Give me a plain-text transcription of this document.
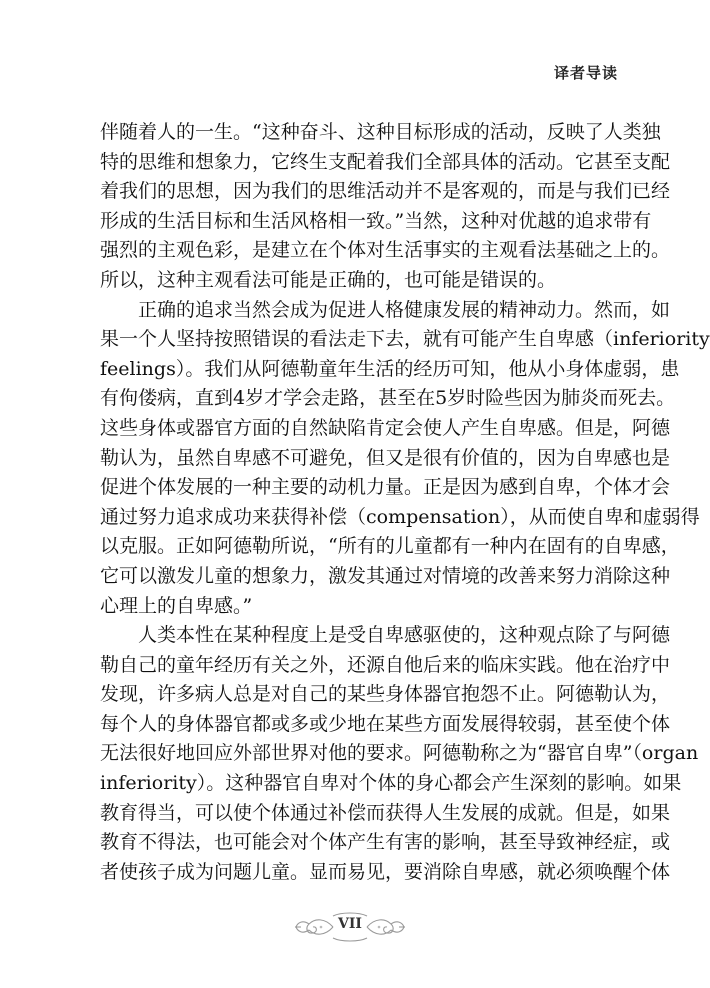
译者导读
伴随着人的一生。“这种奋斗、这种目标形成的活动，反映了人类独
特的思维和想象力，它终生支配着我们全部具体的活动。它甚至支配
着我们的思想，因为我们的思维活动并不是客观的，而是与我们已经
形成的生活目标和生活风格相一致。”当然，这种对优越的追求带有
强烈的主观色彩，是建立在个体对生活事实的主观看法基础之上的。
所以，这种主观看法可能是正确的，也可能是错误的。
正确的追求当然会成为促进人格健康发展的精神动力。然而，如
果一个人坚持按照错误的看法走下去，就有可能产生自卑感（inferiority
feelings）。我们从阿德勒童年生活的经历可知，他从小身体虚弱，患
有佝偻病，直到4岁才学会走路，甚至在5岁时险些因为肺炎而死去。
这些身体或器官方面的自然缺陷肯定会使人产生自卑感。但是，阿德
勒认为，虽然自卑感不可避免，但又是很有价值的，因为自卑感也是
促进个体发展的一种主要的动机力量。正是因为感到自卑，个体才会
通过努力追求成功来获得补偿（compensation），从而使自卑和虚弱得
以克服。正如阿德勒所说，“所有的儿童都有一种内在固有的自卑感，
它可以激发儿童的想象力，激发其通过对情境的改善来努力消除这种
心理上的自卑感。”
人类本性在某种程度上是受自卑感驱使的，这种观点除了与阿德
勒自己的童年经历有关之外，还源自他后来的临床实践。他在治疗中
发现，许多病人总是对自己的某些身体器官抱怨不止。阿德勒认为，
每个人的身体器官都或多或少地在某些方面发展得较弱，甚至使个体
无法很好地回应外部世界对他的要求。阿德勒称之为“器官自卑”（organ
inferiority）。这种器官自卑对个体的身心都会产生深刻的影响。如果
教育得当，可以使个体通过补偿而获得人生发展的成就。但是，如果
教育不得法，也可能会对个体产生有害的影响，甚至导致神经症，或
者使孩子成为问题儿童。显而易见，要消除自卑感，就必须唤醒个体
VII
